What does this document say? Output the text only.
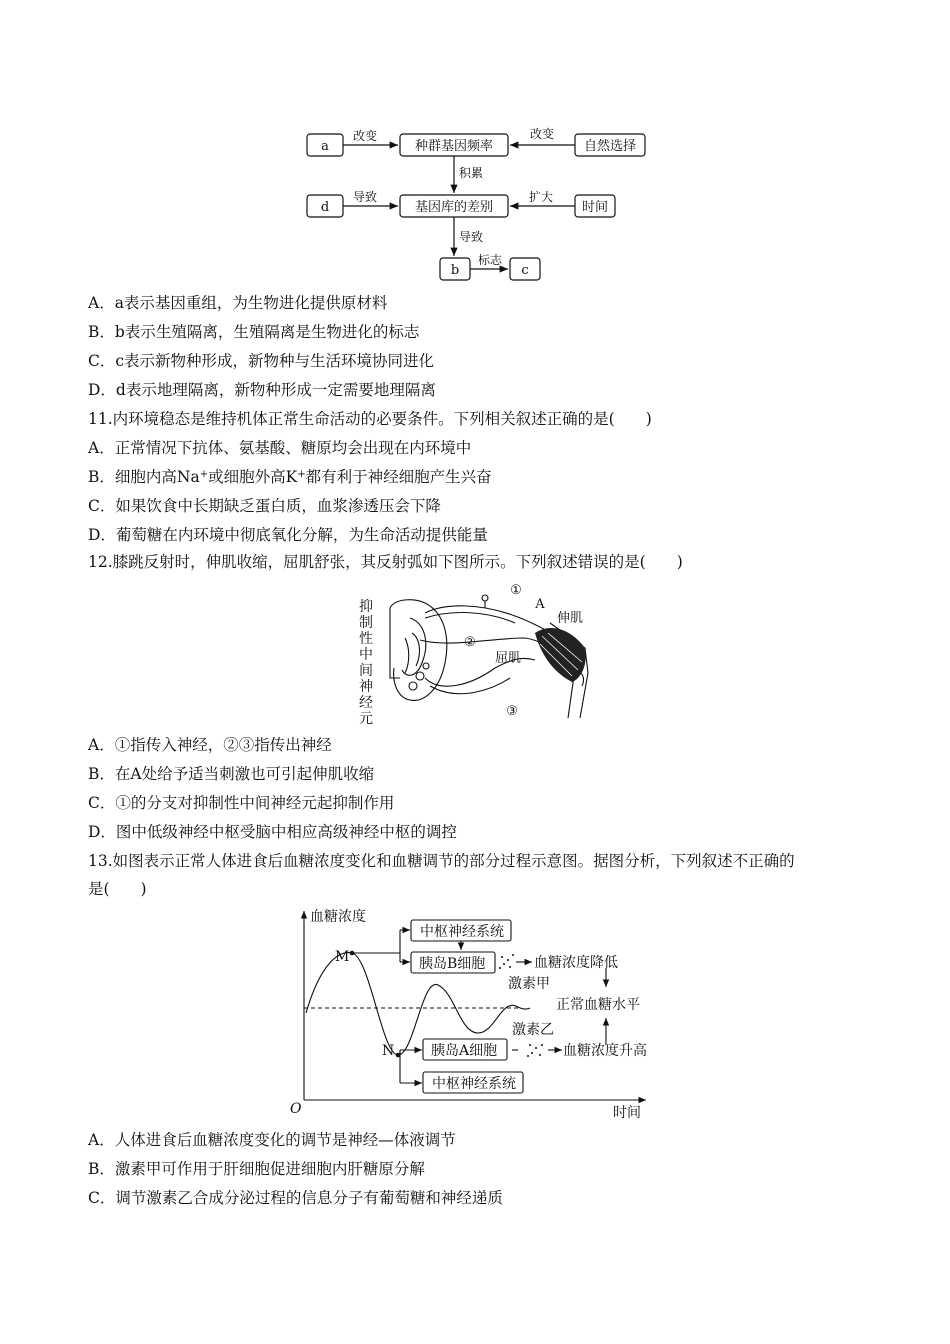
a	种群基因频率	自然选择
d	基因库的差别	时间
b	c
改变	改变
积累
导致	扩大
导致
标志
A．a表示基因重组，为生物进化提供原材料
B．b表示生殖隔离，生殖隔离是生物进化的标志
C．c表示新物种形成，新物种与生活环境协同进化
D．d表示地理隔离，新物种形成一定需要地理隔离
11.内环境稳态是维持机体正常生命活动的必要条件。下列相关叙述正确的是(　　)
A．正常情况下抗体、氨基酸、糖原均会出现在内环境中
B．细胞内高Na+或细胞外高K+都有利于神经细胞产生兴奋
C．如果饮食中长期缺乏蛋白质，血浆渗透压会下降
D．葡萄糖在内环境中彻底氧化分解，为生命活动提供能量
12.膝跳反射时，伸肌收缩，屈肌舒张，其反射弧如下图所示。下列叙述错误的是(　　)
抑
制
性
中
间
神
经
元
①
A
伸肌
②
屈肌
③
A．①指传入神经，②③指传出神经
B．在A处给予适当刺激也可引起伸肌收缩
C．①的分支对抑制性中间神经元起抑制作用
D．图中低级神经中枢受脑中相应高级神经中枢的调控
13.如图表示正常人体进食后血糖浓度变化和血糖调节的部分过程示意图。据图分析，下列叙述不正确的
是(　　)
血糖浓度
时间
O
M
N
中枢神经系统
胰岛B细胞
激素甲
血糖浓度降低
正常血糖水平
激素乙
胰岛A细胞	血糖浓度升高
中枢神经系统
A．人体进食后血糖浓度变化的调节是神经—体液调节
B．激素甲可作用于肝细胞促进细胞内肝糖原分解
C．调节激素乙合成分泌过程的信息分子有葡萄糖和神经递质
